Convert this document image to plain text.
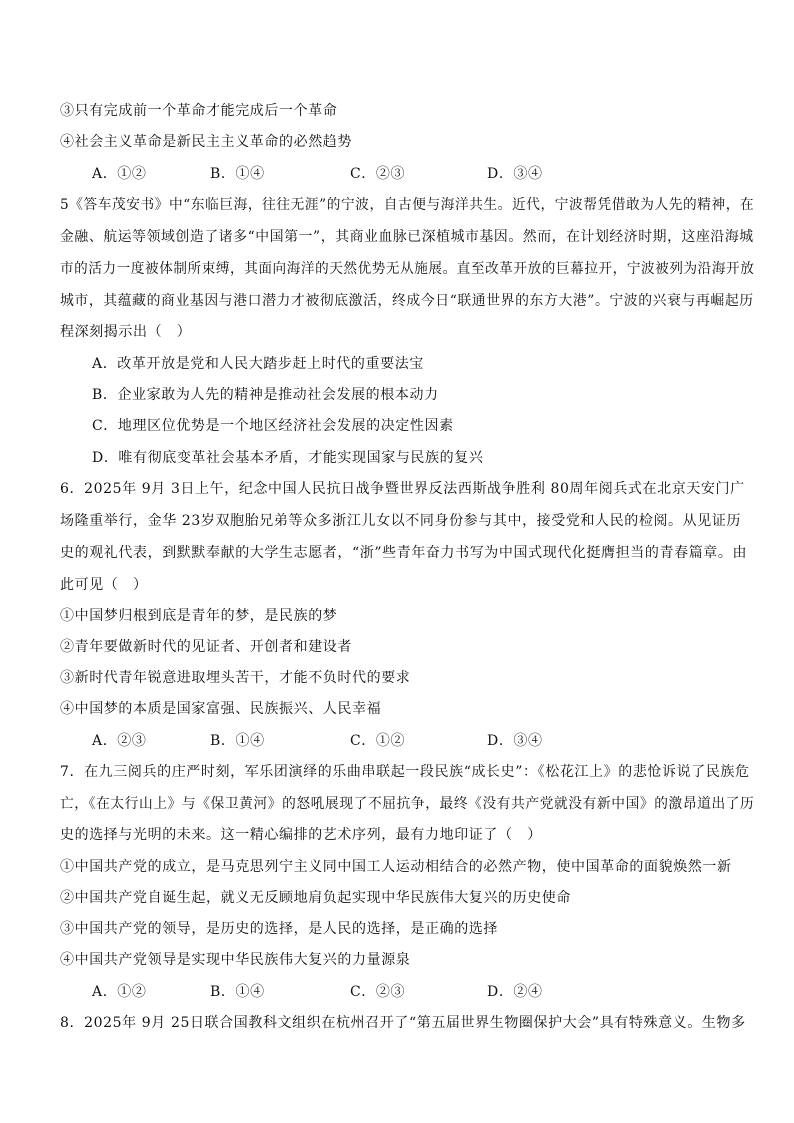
③只有完成前一个革命才能完成后一个革命
④社会主义革命是新民主主义革命的必然趋势
A．①②	B．①④	C．②③	D．③④
5《答车茂安书》中“东临巨海，往往无涯”的宁波，自古便与海洋共生。近代，宁波帮凭借敢为人先的精神，在
金融、航运等领域创造了诸多“中国第一”，其商业血脉已深植城市基因。然而，在计划经济时期，这座沿海城
市的活力一度被体制所束缚，其面向海洋的天然优势无从施展。直至改革开放的巨幕拉开，宁波被列为沿海开放
城市，其蕴藏的商业基因与港口潜力才被彻底激活，终成今日“联通世界的东方大港”。宁波的兴衰与再崛起历
程深刻揭示出（　）
A．改革开放是党和人民大踏步赶上时代的重要法宝
B．企业家敢为人先的精神是推动社会发展的根本动力
C．地理区位优势是一个地区经济社会发展的决定性因素
D．唯有彻底变革社会基本矛盾，才能实现国家与民族的复兴
6．2025年 9月 3日上午，纪念中国人民抗日战争暨世界反法西斯战争胜利 80周年阅兵式在北京天安门广
场隆重举行，金华 23岁双胞胎兄弟等众多浙江儿女以不同身份参与其中，接受党和人民的检阅。从见证历
史的观礼代表，到默默奉献的大学生志愿者，“浙”些青年奋力书写为中国式现代化挺膺担当的青春篇章。由
此可见（　）
①中国梦归根到底是青年的梦，是民族的梦
②青年要做新时代的见证者、开创者和建设者
③新时代青年锐意进取埋头苦干，才能不负时代的要求
④中国梦的本质是国家富强、民族振兴、人民幸福
A．②③	B．①④	C．①②	D．③④
7．在九三阅兵的庄严时刻，军乐团演绎的乐曲串联起一段民族“成长史”：《松花江上》的悲怆诉说了民族危
亡，《在太行山上》与《保卫黄河》的怒吼展现了不屈抗争，最终《没有共产党就没有新中国》的激昂道出了历
史的选择与光明的未来。这一精心编排的艺术序列，最有力地印证了（　）
①中国共产党的成立，是马克思列宁主义同中国工人运动相结合的必然产物，使中国革命的面貌焕然一新
②中国共产党自诞生起，就义无反顾地肩负起实现中华民族伟大复兴的历史使命
③中国共产党的领导，是历史的选择，是人民的选择，是正确的选择
④中国共产党领导是实现中华民族伟大复兴的力量源泉
A．①②	B．①④	C．②③	D．②④
8．2025年 9月 25日联合国教科文组织在杭州召开了“第五届世界生物圈保护大会”具有特殊意义。生物多
